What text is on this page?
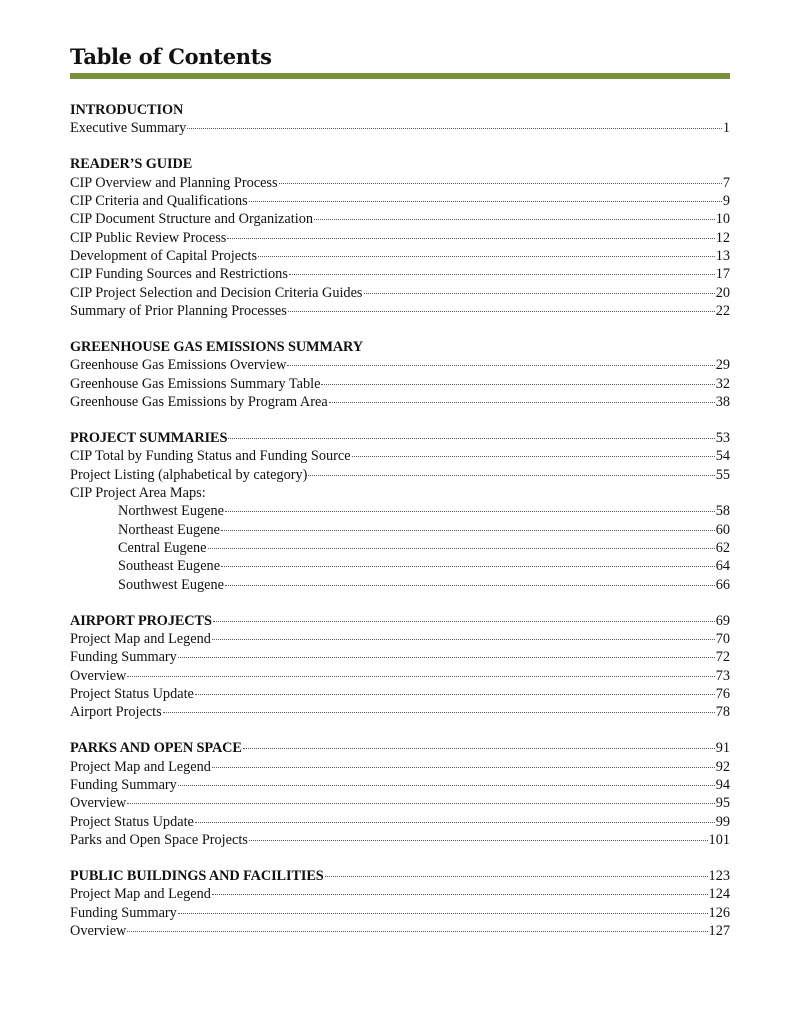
Table of Contents
INTRODUCTION
Executive Summary	1
READER’S GUIDE
CIP Overview and Planning Process	7
CIP Criteria and Qualifications	9
CIP Document Structure and Organization	10
CIP Public Review Process	12
Development of Capital Projects	13
CIP Funding Sources and Restrictions	17
CIP Project Selection and Decision Criteria Guides	20
Summary of Prior Planning Processes	22
GREENHOUSE GAS EMISSIONS SUMMARY
Greenhouse Gas Emissions Overview	29
Greenhouse Gas Emissions Summary Table	32
Greenhouse Gas Emissions by Program Area	38
PROJECT SUMMARIES	53
CIP Total by Funding Status and Funding Source	54
Project Listing (alphabetical by category)	55
CIP Project Area Maps:
Northwest Eugene	58
Northeast Eugene	60
Central Eugene	62
Southeast Eugene	64
Southwest Eugene	66
AIRPORT PROJECTS	69
Project Map and Legend	70
Funding Summary	72
Overview	73
Project Status Update	76
Airport Projects	78
PARKS AND OPEN SPACE	91
Project Map and Legend	92
Funding Summary	94
Overview	95
Project Status Update	99
Parks and Open Space Projects	101
PUBLIC BUILDINGS AND FACILITIES	123
Project Map and Legend	124
Funding Summary	126
Overview	127
